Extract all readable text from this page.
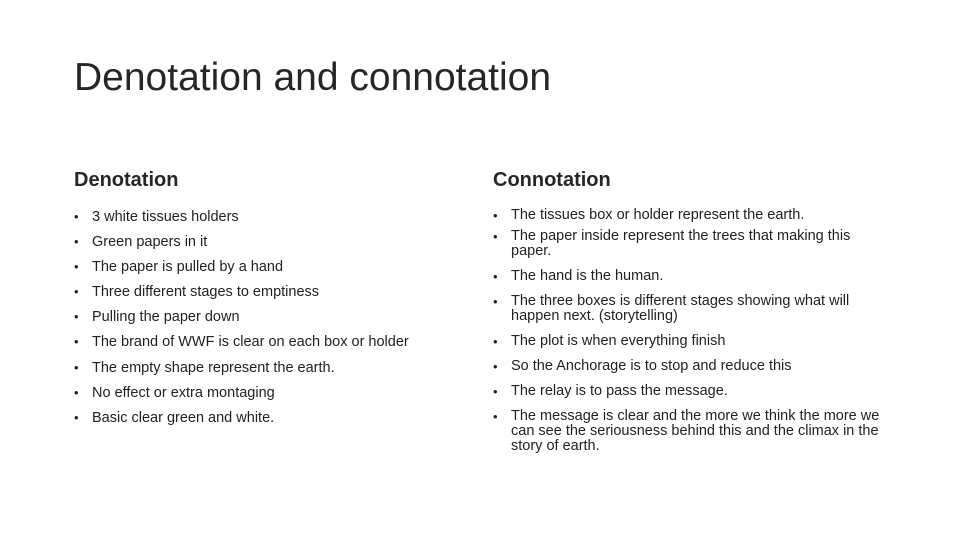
Denotation and connotation
Denotation
• 3 white tissues holders
• Green papers in it
• The paper is pulled by a hand
• Three different stages to emptiness
• Pulling the paper down
• The brand of WWF is clear on each box or holder
• The empty shape represent the earth.
• No effect or extra montaging
• Basic clear green and white.
Connotation
• The tissues box or holder represent the earth.
• The paper inside represent the trees that making this paper.
• The hand is the human.
• The three boxes is different stages showing what will happen next. (storytelling)
• The plot is when everything finish
• So the Anchorage is to stop and reduce this
• The relay is to pass the message.
• The message is clear and the more we think the more we can see the seriousness behind this and the climax in the story of earth.
